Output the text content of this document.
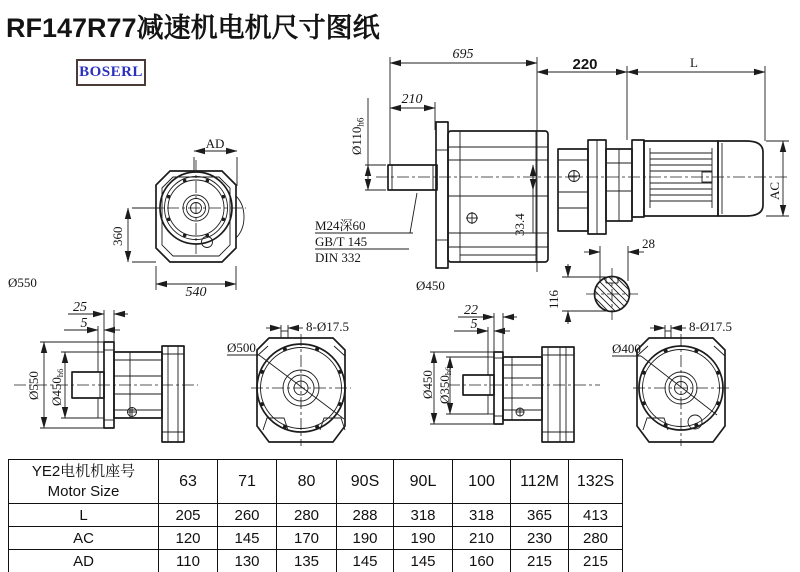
RF147R77减速机电机尺寸图纸
BOSERL
AD
360
540
Ø550
695
210
Ø110h6
33.4
M24深60
GB/T 145
DIN 332
Ø450
220	L
AC
28
116
25
5
Ø550 Ø450h6
8-Ø17.5
Ø500
22
5
Ø450 Ø350h6
8-Ø17.5
Ø400
YE2电机机座号
Motor Size	63	71	80	90S	90L	100	112M	132S
L	205	260	280	288	318	318	365	413
AC	120	145	170	190	190	210	230	280
AD	110	130	135	145	145	160	215	215
